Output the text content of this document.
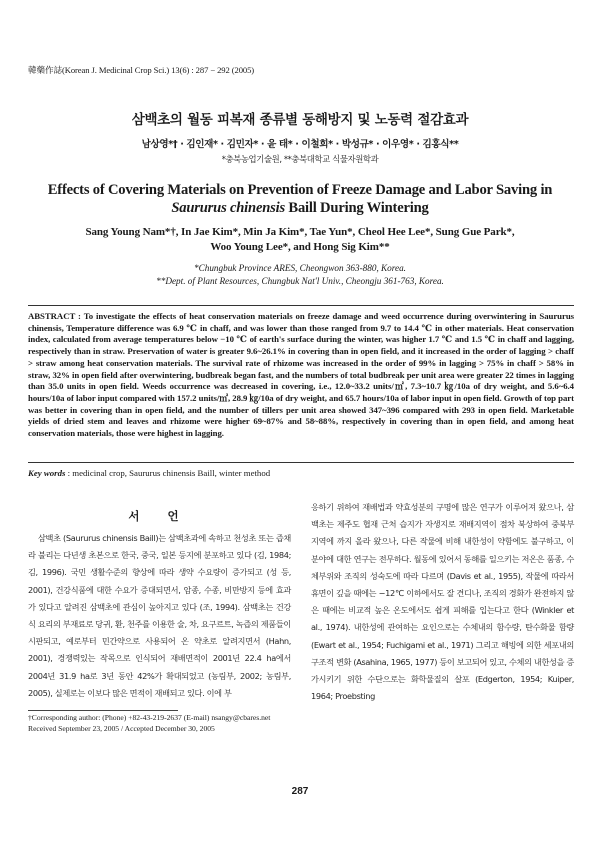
韓藥作誌(Korean J. Medicinal Crop Sci.) 13(6) : 287 − 292 (2005)
삼백초의 월동 피복재 종류별 동해방지 및 노동력 절감효과
남상영*† · 김인재* · 김민자* · 윤 태* · 이철희* · 박성규* · 이우영* · 김홍식**
*충북농업기술원, **충북대학교 식물자원학과
Effects of Covering Materials on Prevention of Freeze Damage and Labor Saving in
Saururus chinensis Baill During Wintering
Sang Young Nam*†, In Jae Kim*, Min Ja Kim*, Tae Yun*, Cheol Hee Lee*, Sung Gue Park*,
Woo Young Lee*, and Hong Sig Kim**
*Chungbuk Province ARES, Cheongwon 363-880, Korea.
**Dept. of Plant Resources, Chungbuk Nat'l Univ., Cheongju 361-763, Korea.
ABSTRACT : To investigate the effects of heat conservation materials on freeze damage and weed occurrence during overwintering in Saururus chinensis, Temperature difference was 6.9 ℃ in chaff, and was lower than those ranged from 9.7 to 14.4 ℃ in other materials. Heat conservation index, calculated from average temperatures below −10 ℃ of earth's surface during the winter, was higher 1.7 ℃ and 1.5 ℃ in chaff and lagging, respectively than in straw. Preservation of water is greater 9.6~26.1% in covering than in open field, and it increased in the order of lagging > chaff > straw among heat conservation materials. The survival rate of rhizome was increased in the order of 99% in lagging > 75% in chaff > 58% in straw, 32% in open field after overwintering, budbreak began fast, and the numbers of total budbreak per unit area were greater 22 times in lagging than 35.0 units in open field. Weeds occurrence was decreased in covering, i.e., 12.0~33.2 units/㎡, 7.3~10.7 ㎏/10a of dry weight, and 5.6~6.4 hours/10a of labor input compared with 157.2 units/㎡, 28.9 ㎏/10a of dry weight, and 65.7 hours/10a of labor input in open field. Growth of top part was better in covering than in open field, and the number of tillers per unit area showed 347~396 compared with 293 in open field. Marketable yields of dried stem and leaves and rhizome were higher 69~87% and 58~88%, respectively in covering than in open field, and among heat conservation materials, those were highest in lagging.
Key words : medicinal crop, Saururus chinensis Baill, winter method
서 언

삼백초 (Saururus chinensis Baill)는 삼백초과에 속하고 천성초 또는 즙채라 불리는 다년생 초본으로 한국, 중국, 일본 등지에 분포하고 있다 (김, 1984; 김, 1996). 국민 생활수준의 향상에 따라 생약 수요량이 증가되고 (성 등, 2001), 건강식품에 대한 수요가 증대되면서, 암종, 수종, 비만방지 등에 효과가 있다고 알려진 삼백초에 관심이 높아지고 있다 (조, 1994). 삼백초는 건강식 요리의 부재료로 당귀, 환, 천주를 이용한 술, 차, 요구르트, 녹즙의 제품들이 시판되고, 예로부터 민간약으로 사용되어 온 약초로 알려지면서 (Hahn, 2001), 경쟁력있는 작목으로 인식되어 재배면적이 2001년 22.4 ha에서 2004년 31.9 ha로 3년 동안 42%가 확대되었고 (농림부, 2002; 농림부, 2005), 실제로는 이보다 많은 면적이 재배되고 있다. 이에 부

응하기 위하여 재배법과 약효성분의 구명에 많은 연구가 이루어져 왔으나, 삼백초는 제주도 협재 근처 습지가 자생지로 재배지역이 점차 북상하여 중북부 지역에 까지 올라 왔으나, 다른 작물에 비해 내한성이 약함에도 불구하고, 이 분야에 대한 연구는 전무하다. 월동에 있어서 동해를 일으키는 저온은 품종, 수체부위와 조직의 성숙도에 따라 다르며 (Davis et al., 1955), 작물에 따라서 휴면이 깊을 때에는 −12℃ 이하에서도 잘 견디나, 조직의 경화가 완전하지 않은 때에는 비교적 높은 온도에서도 쉽게 피해를 입는다고 한다 (Winkler et al., 1974). 내한성에 관여하는 요인으로는 수체내의 함수량, 탄수화물 함량 (Ewart et al., 1954; Fuchigami et al., 1971) 그리고 해빙에 의한 세포내의 구조적 변화 (Asahina, 1965, 1977) 등이 보고되어 있고, 수체의 내한성을 증가시키기 위한 수단으로는 화학물질의 살포 (Edgerton, 1954; Kuiper, 1964; Proebsting

†Corresponding author: (Phone) +82-43-219-2637 (E-mail) nsangy@cbares.net
Received September 23, 2005 / Accepted December 30, 2005
287
